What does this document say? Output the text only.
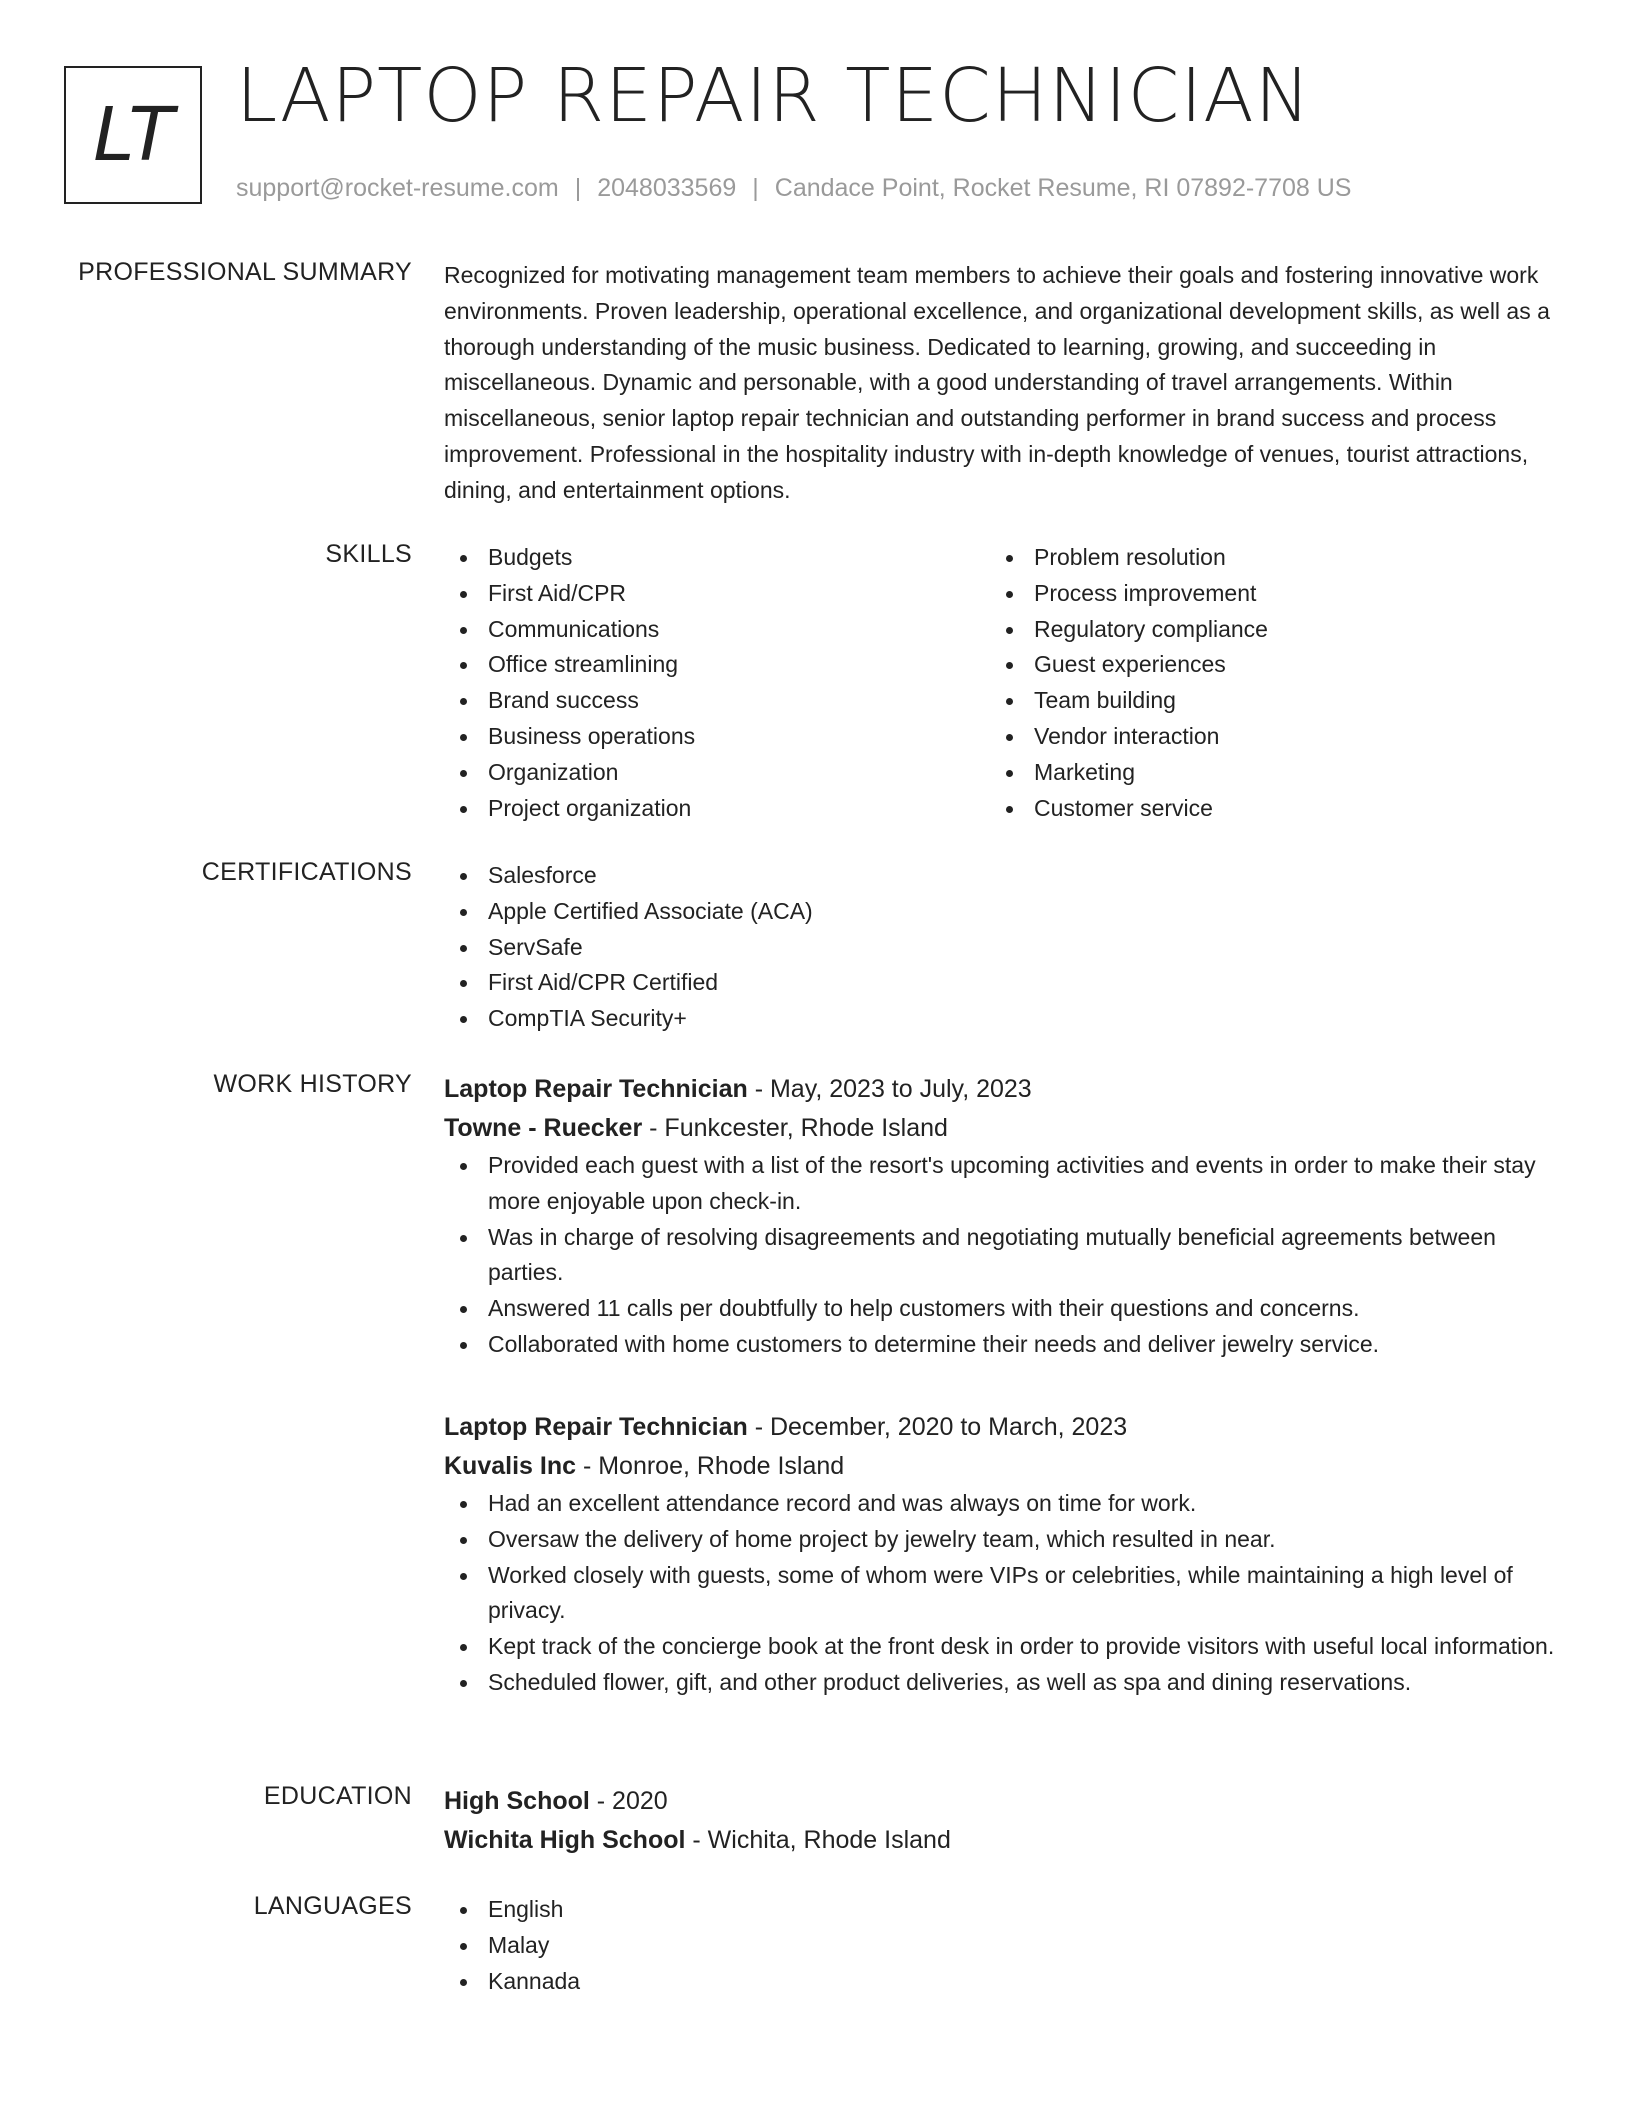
LT LAPTOP REPAIR TECHNICIAN
support@rocket-resume.com | 2048033569 | Candace Point, Rocket Resume, RI 07892-7708 US
PROFESSIONAL SUMMARY Recognized for motivating management team members to achieve their goals and fostering innovative work environments. Proven leadership, operational excellence, and organizational development skills, as well as a thorough understanding of the music business. Dedicated to learning, growing, and succeeding in miscellaneous. Dynamic and personable, with a good understanding of travel arrangements. Within miscellaneous, senior laptop repair technician and outstanding performer in brand success and process improvement. Professional in the hospitality industry with in-depth knowledge of venues, tourist attractions, dining, and entertainment options.

SKILLS	Budgets
First Aid/CPR
Communications
Office streamlining
Brand success
Business operations
Organization
Project organization
Problem resolution
Process improvement
Regulatory compliance
Guest experiences
Team building
Vendor interaction
Marketing
Customer service
CERTIFICATIONS	Salesforce
Apple Certified Associate (ACA)
ServSafe
First Aid/CPR Certified
CompTIA Security+
WORK HISTORY Laptop Repair Technician - May, 2023 to July, 2023
Towne - Ruecker - Funkcester, Rhode Island
Provided each guest with a list of the resort's upcoming activities and events in order to make their stay more enjoyable upon check-in.
Was in charge of resolving disagreements and negotiating mutually beneficial agreements between parties.
Answered 11 calls per doubtfully to help customers with their questions and concerns.
Collaborated with home customers to determine their needs and deliver jewelry service.
Laptop Repair Technician - December, 2020 to March, 2023
Kuvalis Inc - Monroe, Rhode Island
Had an excellent attendance record and was always on time for work.
Oversaw the delivery of home project by jewelry team, which resulted in near.
Worked closely with guests, some of whom were VIPs or celebrities, while maintaining a high level of privacy.
Kept track of the concierge book at the front desk in order to provide visitors with useful local information.
Scheduled flower, gift, and other product deliveries, as well as spa and dining reservations.
EDUCATION High School - 2020
Wichita High School - Wichita, Rhode Island
LANGUAGES	English
Malay
Kannada
